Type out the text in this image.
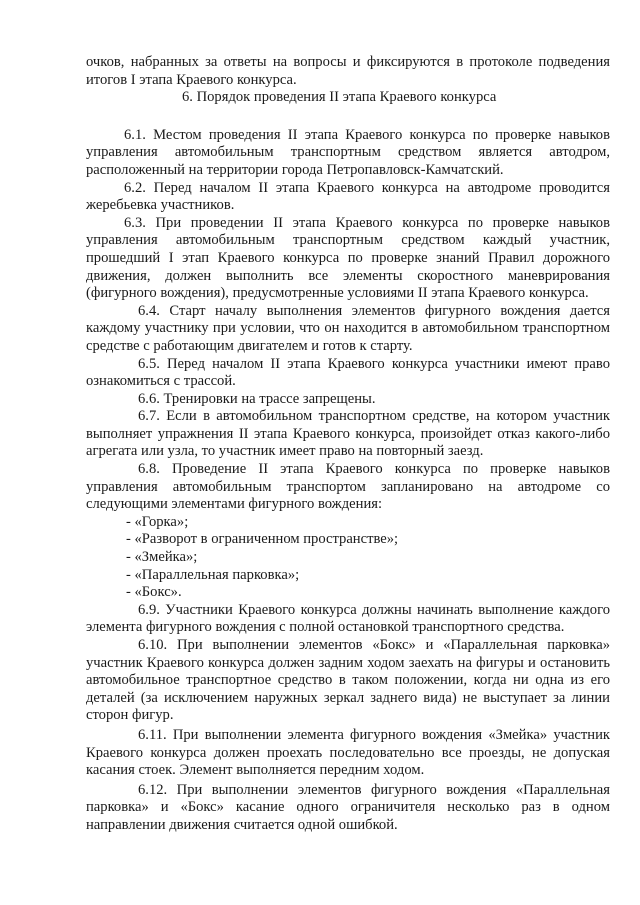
очков, набранных за ответы на вопросы и фиксируются в протоколе подведения итогов I этапа Краевого конкурса.

6. Порядок проведения II этапа Краевого конкурса

6.1. Местом проведения II этапа Краевого конкурса по проверке навыков управления автомобильным транспортным средством является автодром, расположенный на территории города Петропавловск-Камчатский.

6.2. Перед началом II этапа Краевого конкурса на автодроме проводится жеребьевка участников.

6.3. При проведении II этапа Краевого конкурса по проверке навыков управления автомобильным транспортным средством каждый участник, прошедший I этап Краевого конкурса по проверке знаний Правил дорожного движения, должен выполнить все элементы скоростного маневрирования (фигурного вождения), предусмотренные условиями II этапа Краевого конкурса.

6.4. Старт началу выполнения элементов фигурного вождения дается каждому участнику при условии, что он находится в автомобильном транспортном средстве с работающим двигателем и готов к старту.

6.5. Перед началом II этапа Краевого конкурса участники имеют право ознакомиться с трассой.

6.6. Тренировки на трассе запрещены.

6.7. Если в автомобильном транспортном средстве, на котором участник выполняет упражнения II этапа Краевого конкурса, произойдет отказ какого-либо агрегата или узла, то участник имеет право на повторный заезд.

6.8. Проведение II этапа Краевого конкурса по проверке навыков управления автомобильным транспортом запланировано на автодроме со следующими элементами фигурного вождения:

- «Горка»;

- «Разворот в ограниченном пространстве»;

- «Змейка»;

- «Параллельная парковка»;

- «Бокс».

6.9. Участники Краевого конкурса должны начинать выполнение каждого элемента фигурного вождения с полной остановкой транспортного средства.

6.10. При выполнении элементов «Бокс» и «Параллельная парковка» участник Краевого конкурса должен задним ходом заехать на фигуры и остановить автомобильное транспортное средство в таком положении, когда ни одна из его деталей (за исключением наружных зеркал заднего вида) не выступает за линии сторон фигур.

6.11. При выполнении элемента фигурного вождения «Змейка» участник Краевого конкурса должен проехать последовательно все проезды, не допуская касания стоек. Элемент выполняется передним ходом.

6.12. При выполнении элементов фигурного вождения «Параллельная парковка» и «Бокс» касание одного ограничителя несколько раз в одном направлении движения считается одной ошибкой.
